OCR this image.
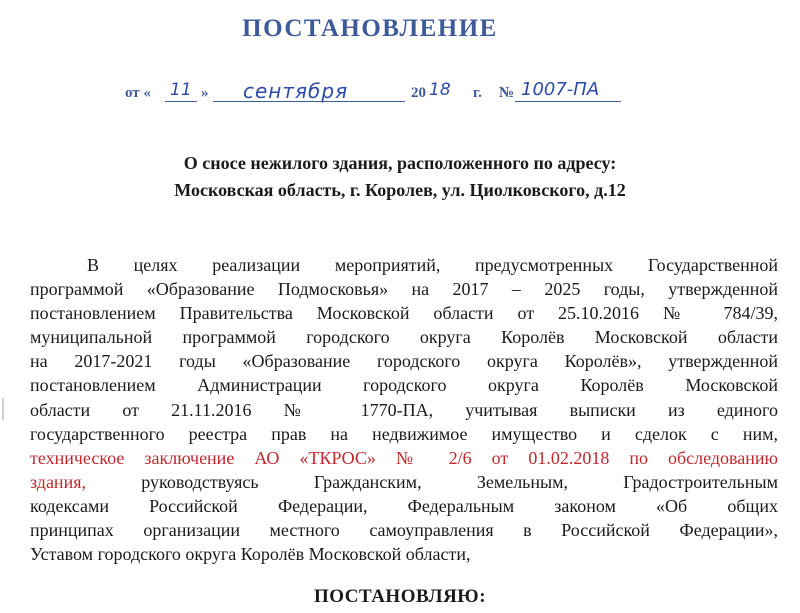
ПОСТАНОВЛЕНИЕ
от « 11 » сентября	20 18 г. № 1007-ПА
О сносе нежилого здания, расположенного по адресу:
Московская область, г. Королев, ул. Циолковского, д.12
В целях реализации мероприятий, предусмотренных Государственной
программой «Образование Подмосковья» на 2017 – 2025 годы, утвержденной
постановлением Правительства Московской области от 25.10.2016 № 784/39,
муниципальной программой городского округа Королёв Московской области
на 2017-2021 годы «Образование городского округа Королёв», утвержденной
постановлением Администрации городского округа Королёв Московской
области от 21.11.2016 № 1770-ПА, учитывая выписки из единого
государственного реестра прав на недвижимое имущество и сделок с ним,
техническое заключение АО «ТКРОС» № 2/6 от 01.02.2018 по обследованию
здания, руководствуясь Гражданским, Земельным, Градостроительным
кодексами Российской Федерации, Федеральным законом «Об общих
принципах организации местного самоуправления в Российской Федерации»,
Уставом городского округа Королёв Московской области,
ПОСТАНОВЛЯЮ:
